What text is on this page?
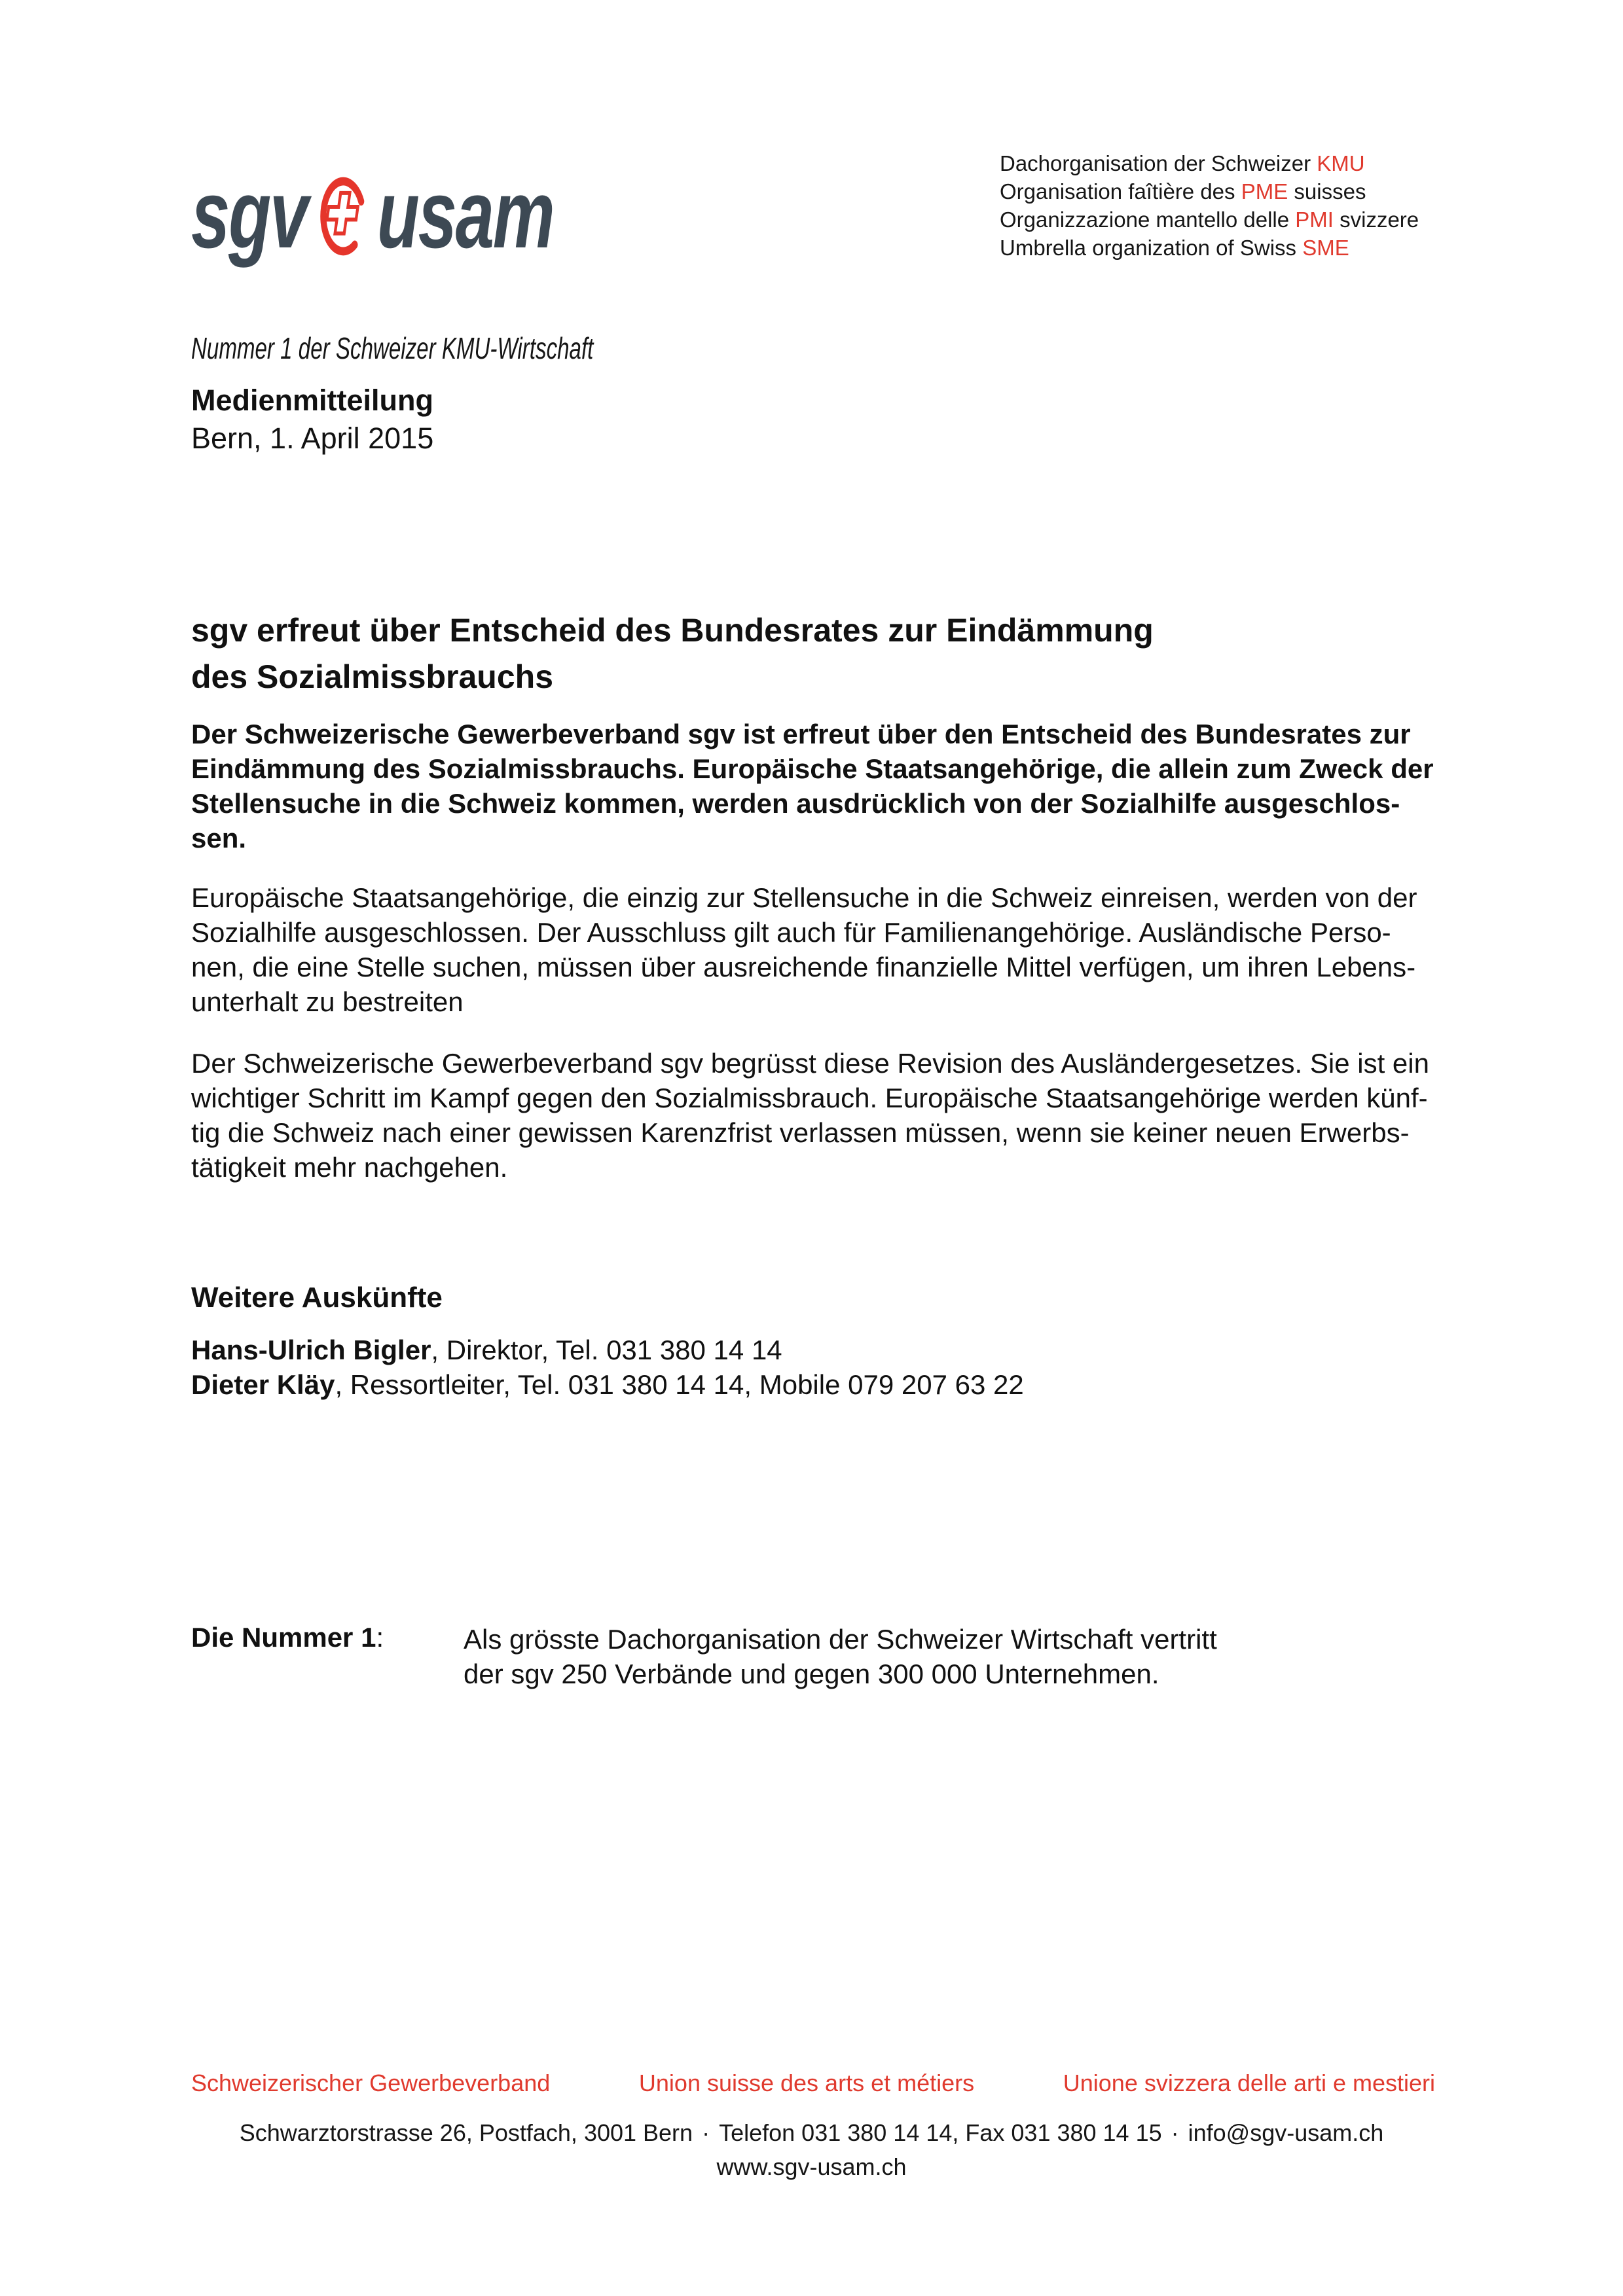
sgv usam
Nummer 1 der Schweizer KMU-Wirtschaft
Dachorganisation der Schweizer KMU
Organisation faîtière des PME suisses
Organizzazione mantello delle PMI svizzere
Umbrella organization of Swiss SME
Medienmitteilung
Bern, 1. April 2015
sgv erfreut über Entscheid des Bundesrates zur Eindämmung
des Sozialmissbrauchs
Der Schweizerische Gewerbeverband sgv ist erfreut über den Entscheid des Bundesrates zur
Eindämmung des Sozialmissbrauchs. Europäische Staatsangehörige, die allein zum Zweck der
Stellensuche in die Schweiz kommen, werden ausdrücklich von der Sozialhilfe ausgeschlos-
sen.
Europäische Staatsangehörige, die einzig zur Stellensuche in die Schweiz einreisen, werden von der
Sozialhilfe ausgeschlossen. Der Ausschluss gilt auch für Familienangehörige. Ausländische Perso-
nen, die eine Stelle suchen, müssen über ausreichende finanzielle Mittel verfügen, um ihren Lebens-
unterhalt zu bestreiten
Der Schweizerische Gewerbeverband sgv begrüsst diese Revision des Ausländergesetzes. Sie ist ein
wichtiger Schritt im Kampf gegen den Sozialmissbrauch. Europäische Staatsangehörige werden künf-
tig die Schweiz nach einer gewissen Karenzfrist verlassen müssen, wenn sie keiner neuen Erwerbs-
tätigkeit mehr nachgehen.
Weitere Auskünfte
Hans-Ulrich Bigler, Direktor, Tel. 031 380 14 14
Dieter Kläy, Ressortleiter, Tel. 031 380 14 14, Mobile 079 207 63 22
Die Nummer 1:	Als grösste Dachorganisation der Schweizer Wirtschaft vertritt
der sgv 250 Verbände und gegen 300 000 Unternehmen.
Schweizerischer Gewerbeverband	Union suisse des arts et métiers	Unione svizzera delle arti e mestieri
Schwarztorstrasse 26, Postfach, 3001 Bern · Telefon 031 380 14 14, Fax 031 380 14 15 · info@sgv-usam.ch
www.sgv-usam.ch
